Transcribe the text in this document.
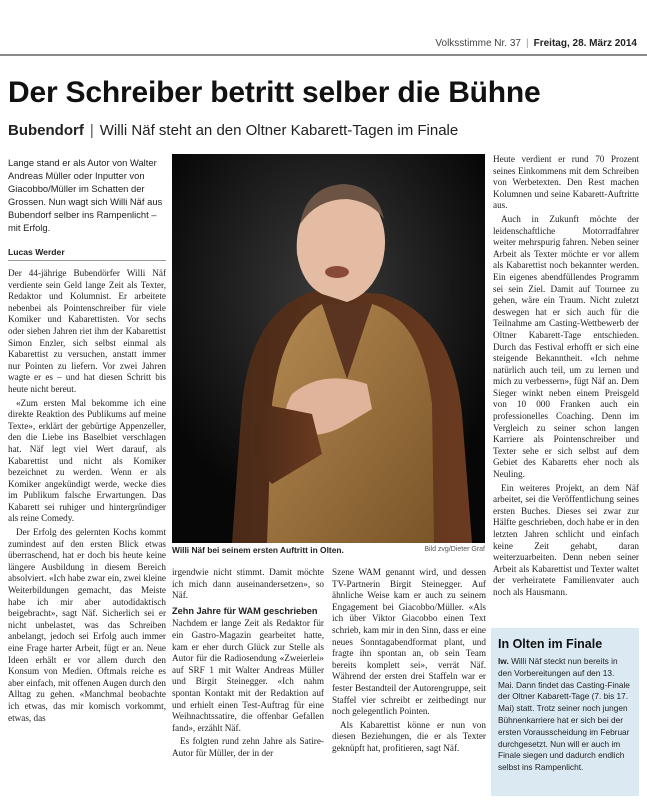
Volksstimme Nr. 37 | Freitag, 28. März 2014
Der Schreiber betritt selber die Bühne
Bubendorf | Willi Näf steht an den Oltner Kabarett-Tagen im Finale
Lange stand er als Autor von Walter Andreas Müller oder Inputter von Giacobbo/Müller im Schatten der Grossen. Nun wagt sich Willi Näf aus Bubendorf selber ins Rampenlicht – mit Erfolg.
Lucas Werder

Der 44-jährige Bubendörfer Willi Näf verdiente sein Geld lange Zeit als Texter, Redaktor und Kolumnist. Er arbeitete nebenbei als Pointenschreiber für viele Komiker und Kabarettisten. Vor sechs oder sieben Jahren riet ihm der Kabarettist Simon Enzler, sich selbst einmal als Kabarettist zu versuchen, anstatt immer nur Pointen zu liefern. Vor zwei Jahren wagte er es – und hat diesen Schritt bis heute nicht bereut.

«Zum ersten Mal bekomme ich eine direkte Reaktion des Publikums auf meine Texte», erklärt der gebürtige Appenzeller, den die Liebe ins Baselbiet verschlagen hat. Näf legt viel Wert darauf, als Kabarettist und nicht als Komiker bezeichnet zu werden. Wenn er als Komiker angekündigt werde, wecke dies im Publikum falsche Erwartungen. Das Kabarett sei ruhiger und hintergründiger als reine Comedy.

Der Erfolg des gelernten Kochs kommt zumindest auf den ersten Blick etwas überraschend, hat er doch bis heute keine längere Ausbildung in diesem Bereich absolviert. «Ich habe zwar ein, zwei kleine Weiterbildungen gemacht, das Meiste habe ich mir aber autodidaktisch beigebracht», sagt Näf. Sicherlich sei er nicht unbelastet, was das Schreiben anbelangt, jedoch sei Erfolg auch immer eine Frage harter Arbeit, fügt er an. Neue Ideen erhält er vor allem durch den Konsum von Medien. Oftmals reiche es aber einfach, mit offenen Augen durch den Alltag zu gehen. «Manchmal beobachte ich etwas, das mir komisch vorkommt, etwas, das

Willi Näf bei seinem ersten Auftritt in Olten.	Bild zvg/Dieter Graf

irgendwie nicht stimmt. Damit möchte ich mich dann auseinandersetzen», so Näf.

Zehn Jahre für WAM geschrieben

Nachdem er lange Zeit als Redaktor für ein Gastro-Magazin gearbeitet hatte, kam er eher durch Glück zur Stelle als Autor für die Radiosendung «Zweierlei» auf SRF 1 mit Walter Andreas Müller und Birgit Steinegger. «Ich nahm spontan Kontakt mit der Redaktion auf und erhielt einen Test-Auftrag für eine Weihnachtssatire, die offenbar Gefallen fand», erzählt Näf.

Es folgten rund zehn Jahre als Satire-Autor für Müller, der in der

Szene WAM genannt wird, und dessen TV-Partnerin Birgit Steinegger. Auf ähnliche Weise kam er auch zu seinem Engagement bei Giacobbo/Müller. «Als ich über Viktor Giacobbo einen Text schrieb, kam mir in den Sinn, dass er eine neues Sonntagabendformat plant, und fragte ihn spontan an, ob sein Team bereits komplett sei», verrät Näf. Während der ersten drei Staffeln war er fester Bestandteil der Autorengruppe, seit Staffel vier schreibt er zeitbedingt nur noch gelegentlich Pointen.

Als Kabarettist könne er nun von diesen Beziehungen, die er als Texter geknüpft hat, profitieren, sagt Näf.

Heute verdient er rund 70 Prozent seines Einkommens mit dem Schreiben von Werbetexten. Den Rest machen Kolumnen und seine Kabarett-Auftritte aus.

Auch in Zukunft möchte der leidenschaftliche Motorradfahrer weiter mehrspurig fahren. Neben seiner Arbeit als Texter möchte er vor allem als Kabarettist noch bekannter werden. Ein eigenes abendfüllendes Programm sei sein Ziel. Damit auf Tournee zu gehen, wäre ein Traum. Nicht zuletzt deswegen hat er sich auch für die Teilnahme am Casting-Wettbewerb der Oltner Kabarett-Tage entschieden. Durch das Festival erhofft er sich eine steigende Bekanntheit. «Ich nehme natürlich auch teil, um zu lernen und mich zu verbessern», fügt Näf an. Dem Sieger winkt neben einem Preisgeld von 10 000 Franken auch ein professionelles Coaching. Denn im Vergleich zu seiner schon langen Karriere als Pointenschreiber und Texter sehe er sich selbst auf dem Gebiet des Kabaretts eher noch als Neuling.

Ein weiteres Projekt, an dem Näf arbeitet, sei die Veröffentlichung seines ersten Buches. Dieses sei zwar zur Hälfte geschrieben, doch habe er in den letzten Jahren schlicht und einfach keine Zeit gehabt, daran weiterzuarbeiten. Denn neben seiner Arbeit als Kabarettist und Texter waltet der verheiratete Familienvater auch noch als Hausmann.

In Olten im Finale
lw. Willi Näf steckt nun bereits in den Vorbereitungen auf den 13. Mai. Dann findet das Casting-Finale der Oltner Kabarett-Tage (7. bis 17. Mai) statt. Trotz seiner noch jungen Bühnenkarriere hat er sich bei der ersten Vorausscheidung im Februar durchgesetzt. Nun will er auch im Finale siegen und dadurch endlich selbst ins Rampenlicht.
